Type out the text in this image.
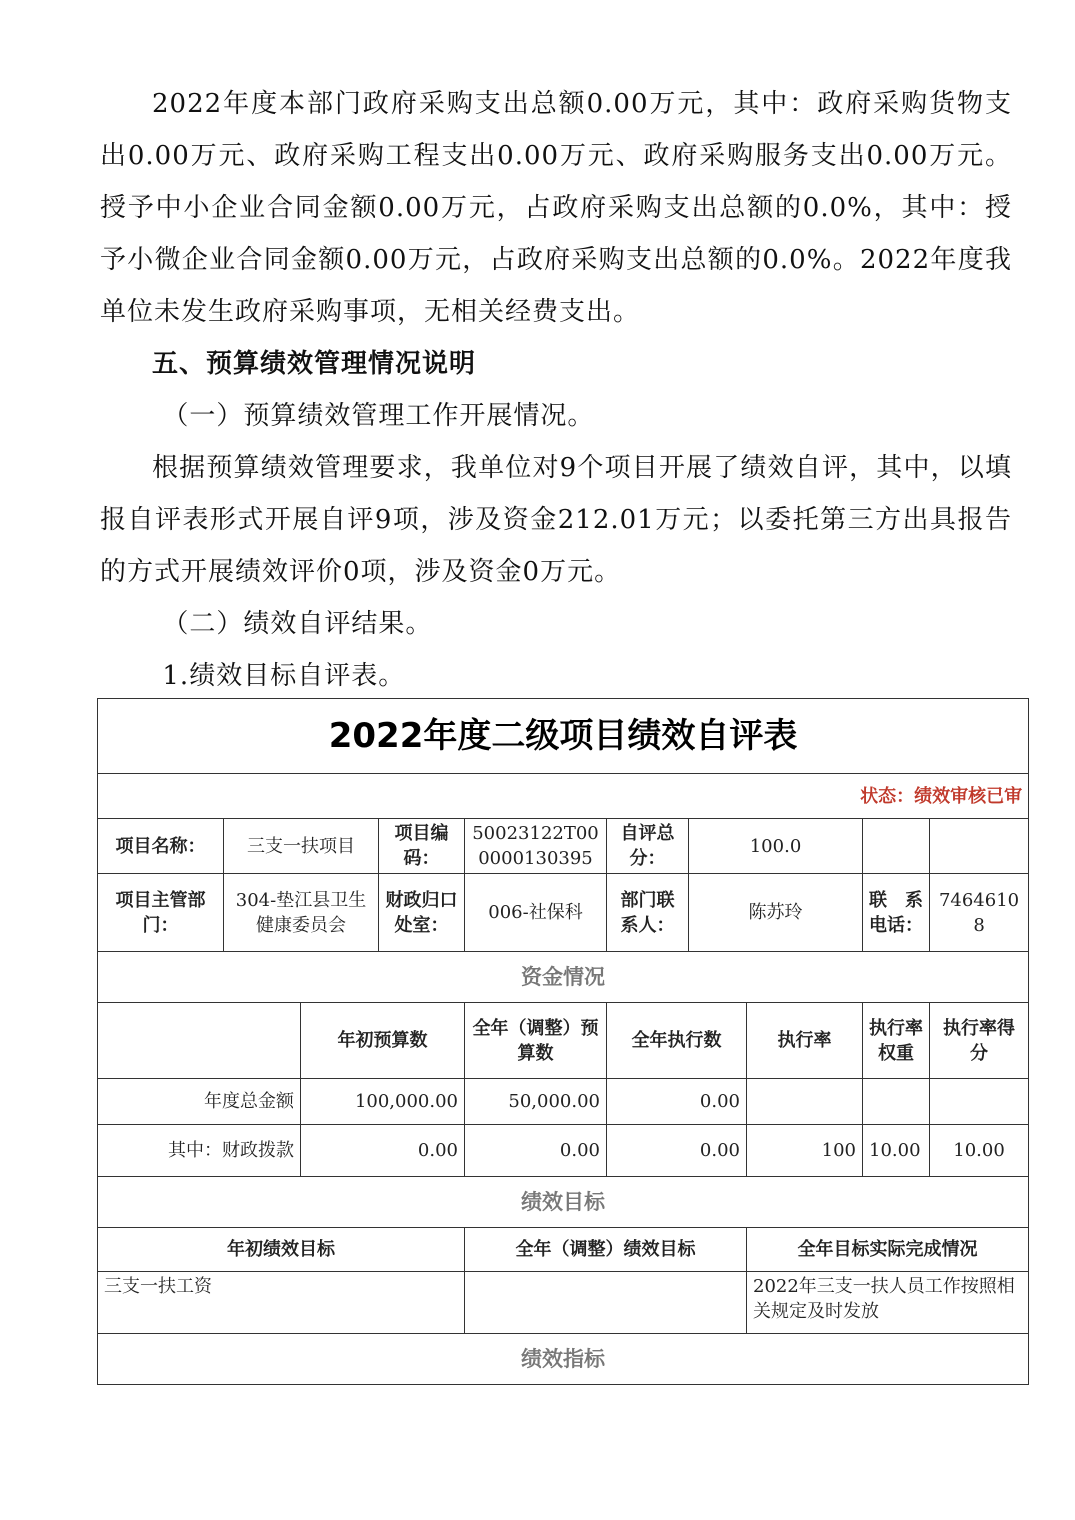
2022年度本部门政府采购支出总额0.00万元，其中：政府采购货物支出0.00万元、政府采购工程支出0.00万元、政府采购服务支出0.00万元。授予中小企业合同金额0.00万元，占政府采购支出总额的0.0%，其中：授予小微企业合同金额0.00万元，占政府采购支出总额的0.0%。2022年度我单位未发生政府采购事项，无相关经费支出。

五、预算绩效管理情况说明

（一）预算绩效管理工作开展情况。

根据预算绩效管理要求，我单位对9个项目开展了绩效自评，其中，以填报自评表形式开展自评9项，涉及资金212.01万元；以委托第三方出具报告的方式开展绩效评价0项，涉及资金0万元。

（二）绩效自评结果。

1.绩效目标自评表。

2022年度二级项目绩效自评表									
状态：绩效审核已审									
项目名称：	三支一扶项目		项目编码：	50023122T000000130395	自评总分：	100.0			
项目主管部门：	304-垫江县卫生健康委员会		财政归口处室：	006-社保科	部门联系人：	陈苏玲		联　系电话：	74646108
资金情况									
		年初预算数		全年（调整）预算数	全年执行数		执行率	执行率权重	执行率得分
年度总金额		100,000.00		50,000.00	0.00				
其中：财政拨款		0.00		0.00	0.00		100	10.00	10.00
绩效目标									
年初绩效目标				全年（调整）绩效目标			全年目标实际完成情况		
三支一扶工资							2022年三支一扶人员工作按照相关规定及时发放		
绩效指标									
